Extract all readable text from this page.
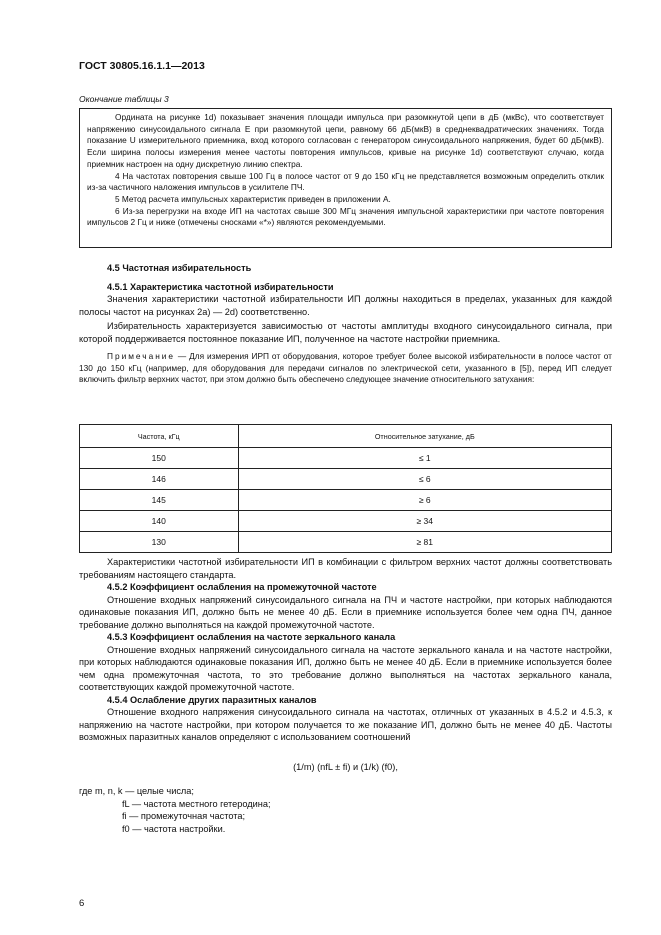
ГОСТ 30805.16.1.1—2013
Окончание таблицы 3

Ордината на рисунке 1d) показывает значения площади импульса при разомкнутой цепи в дБ (мкВс), что соответствует напряжению синусоидального сигнала Е при разомкнутой цепи, равному 66 дБ(мкВ) в среднеквадратических значениях. Тогда показание U измерительного приемника, вход которого согласован с генератором синусоидального напряжения, будет 60 дБ(мкВ). Если ширина полосы измерения менее частоты повторения импульсов, кривые на рисунке 1d) соответствуют случаю, когда приемник настроен на одну дискретную линию спектра.

4 На частотах повторения свыше 100 Гц в полосе частот от 9 до 150 кГц не представляется возможным определить отклик из-за частичного наложения импульсов в усилителе ПЧ.

5 Метод расчета импульсных характеристик приведен в приложении А.

6 Из-за перегрузки на входе ИП на частотах свыше 300 МГц значения импульсной характеристики при частоте повторения импульсов 2 Гц и ниже (отмечены сносками «*») являются рекомендуемыми.

4.5 Частотная избирательность
4.5.1 Характеристика частотной избирательности

Значения характеристики частотной избирательности ИП должны находиться в пределах, указанных для каждой полосы частот на рисунках 2а) — 2d) соответственно.

Избирательность характеризуется зависимостью от частоты амплитуды входного синусоидального сигнала, при которой поддерживается постоянное показание ИП, полученное на частоте настройки приемника.

Примечание — Для измерения ИРП от оборудования, которое требует более высокой избирательности в полосе частот от 130 до 150 кГц (например, для оборудования для передачи сигналов по электрической сети, указанного в [5]), перед ИП следует включить фильтр верхних частот, при этом должно быть обеспечено следующее значение относительного затухания:

Частота, кГц	Относительное затухание, дБ
150	≤ 1
146	≤ 6
145	≥ 6
140	≥ 34
130	≥ 81

Характеристики частотной избирательности ИП в комбинации с фильтром верхних частот должны соответствовать требованиям настоящего стандарта.

4.5.2 Коэффициент ослабления на промежуточной частоте

Отношение входных напряжений синусоидального сигнала на ПЧ и частоте настройки, при которых наблюдаются одинаковые показания ИП, должно быть не менее 40 дБ. Если в приемнике используется более чем одна ПЧ, данное требование должно выполняться на каждой промежуточной частоте.

4.5.3 Коэффициент ослабления на частоте зеркального канала

Отношение входных напряжений синусоидального сигнала на частоте зеркального канала и на частоте настройки, при которых наблюдаются одинаковые показания ИП, должно быть не менее 40 дБ. Если в приемнике используется более чем одна промежуточная частота, то это требование должно выполняться на частотах зеркального канала, соответствующих каждой промежуточной частоте.

4.5.4 Ослабление других паразитных каналов

Отношение входного напряжения синусоидального сигнала на частотах, отличных от указанных в 4.5.2 и 4.5.3, к напряжению на частоте настройки, при котором получается то же показание ИП, должно быть не менее 40 дБ. Частоты возможных паразитных каналов определяют с использованием соотношений

(1/m) (nfL ± fi) и (1/k) (f0),
где m, n, k — целые числа;
fL — частота местного гетеродина;
fi — промежуточная частота;
f0 — частота настройки.
6
